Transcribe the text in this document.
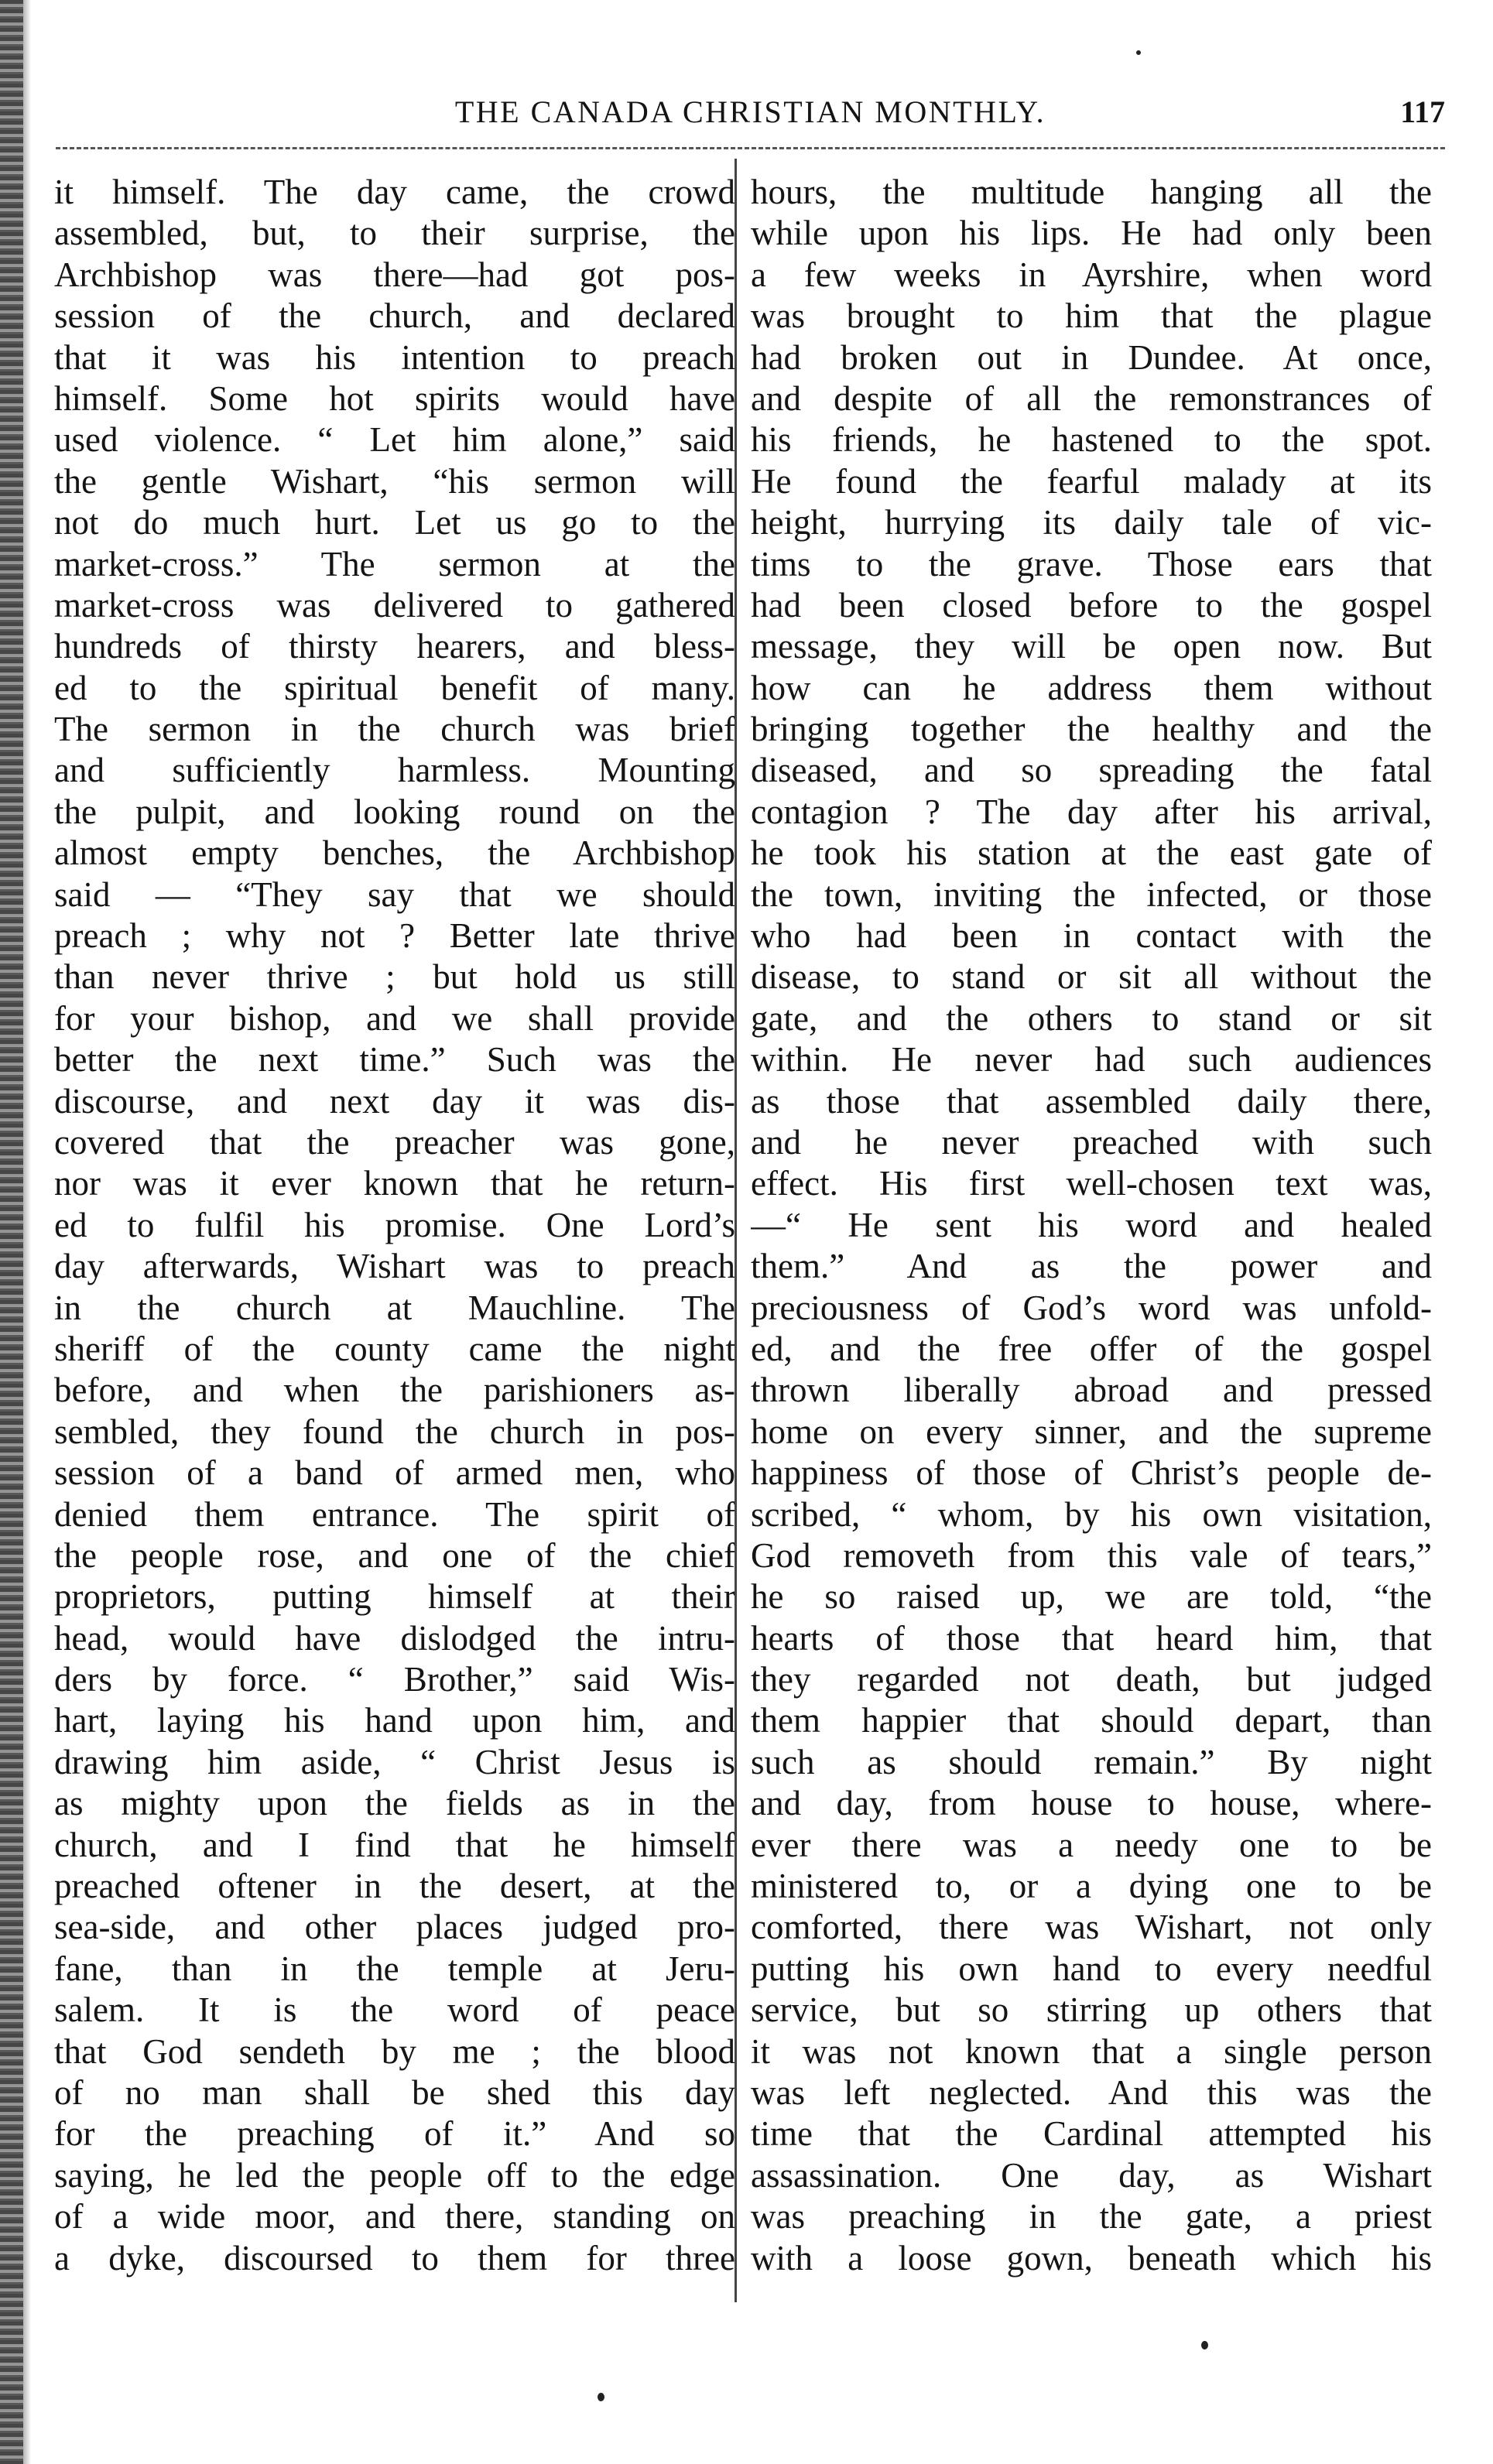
THE CANADA CHRISTIAN MONTHLY.	117
it himself. The day came, the crowd
assembled, but, to their surprise, the
Archbishop was there—had got pos-
session of the church, and declared
that it was his intention to preach
himself. Some hot spirits would have
used violence. “ Let him alone,” said
the gentle Wishart, “his sermon will
not do much hurt. Let us go to the
market-cross.” The sermon at the
market-cross was delivered to gathered
hundreds of thirsty hearers, and bless-
ed to the spiritual benefit of many.
The sermon in the church was brief
and sufficiently harmless. Mounting
the pulpit, and looking round on the
almost empty benches, the Archbishop
said — “They say that we should
preach ; why not ? Better late thrive
than never thrive ; but hold us still
for your bishop, and we shall provide
better the next time.” Such was the
discourse, and next day it was dis-
covered that the preacher was gone,
nor was it ever known that he return-
ed to fulfil his promise. One Lord’s
day afterwards, Wishart was to preach
in the church at Mauchline. The
sheriff of the county came the night
before, and when the parishioners as-
sembled, they found the church in pos-
session of a band of armed men, who
denied them entrance. The spirit of
the people rose, and one of the chief
proprietors, putting himself at their
head, would have dislodged the intru-
ders by force. “ Brother,” said Wis-
hart, laying his hand upon him, and
drawing him aside, “ Christ Jesus is
as mighty upon the fields as in the
church, and I find that he himself
preached oftener in the desert, at the
sea-side, and other places judged pro-
fane, than in the temple at Jeru-
salem. It is the word of peace
that God sendeth by me ; the blood
of no man shall be shed this day
for the preaching of it.” And so
saying, he led the people off to the edge
of a wide moor, and there, standing on
a dyke, discoursed to them for three
hours, the multitude hanging all the
while upon his lips. He had only been
a few weeks in Ayrshire, when word
was brought to him that the plague
had broken out in Dundee. At once,
and despite of all the remonstrances of
his friends, he hastened to the spot.
He found the fearful malady at its
height, hurrying its daily tale of vic-
tims to the grave. Those ears that
had been closed before to the gospel
message, they will be open now. But
how can he address them without
bringing together the healthy and the
diseased, and so spreading the fatal
contagion ? The day after his arrival,
he took his station at the east gate of
the town, inviting the infected, or those
who had been in contact with the
disease, to stand or sit all without the
gate, and the others to stand or sit
within. He never had such audiences
as those that assembled daily there,
and he never preached with such
effect. His first well-chosen text was,
—“ He sent his word and healed
them.” And as the power and
preciousness of God’s word was unfold-
ed, and the free offer of the gospel
thrown liberally abroad and pressed
home on every sinner, and the supreme
happiness of those of Christ’s people de-
scribed, “ whom, by his own visitation,
God removeth from this vale of tears,”
he so raised up, we are told, “the
hearts of those that heard him, that
they regarded not death, but judged
them happier that should depart, than
such as should remain.” By night
and day, from house to house, where-
ever there was a needy one to be
ministered to, or a dying one to be
comforted, there was Wishart, not only
putting his own hand to every needful
service, but so stirring up others that
it was not known that a single person
was left neglected. And this was the
time that the Cardinal attempted his
assassination. One day, as Wishart
was preaching in the gate, a priest
with a loose gown, beneath which his
